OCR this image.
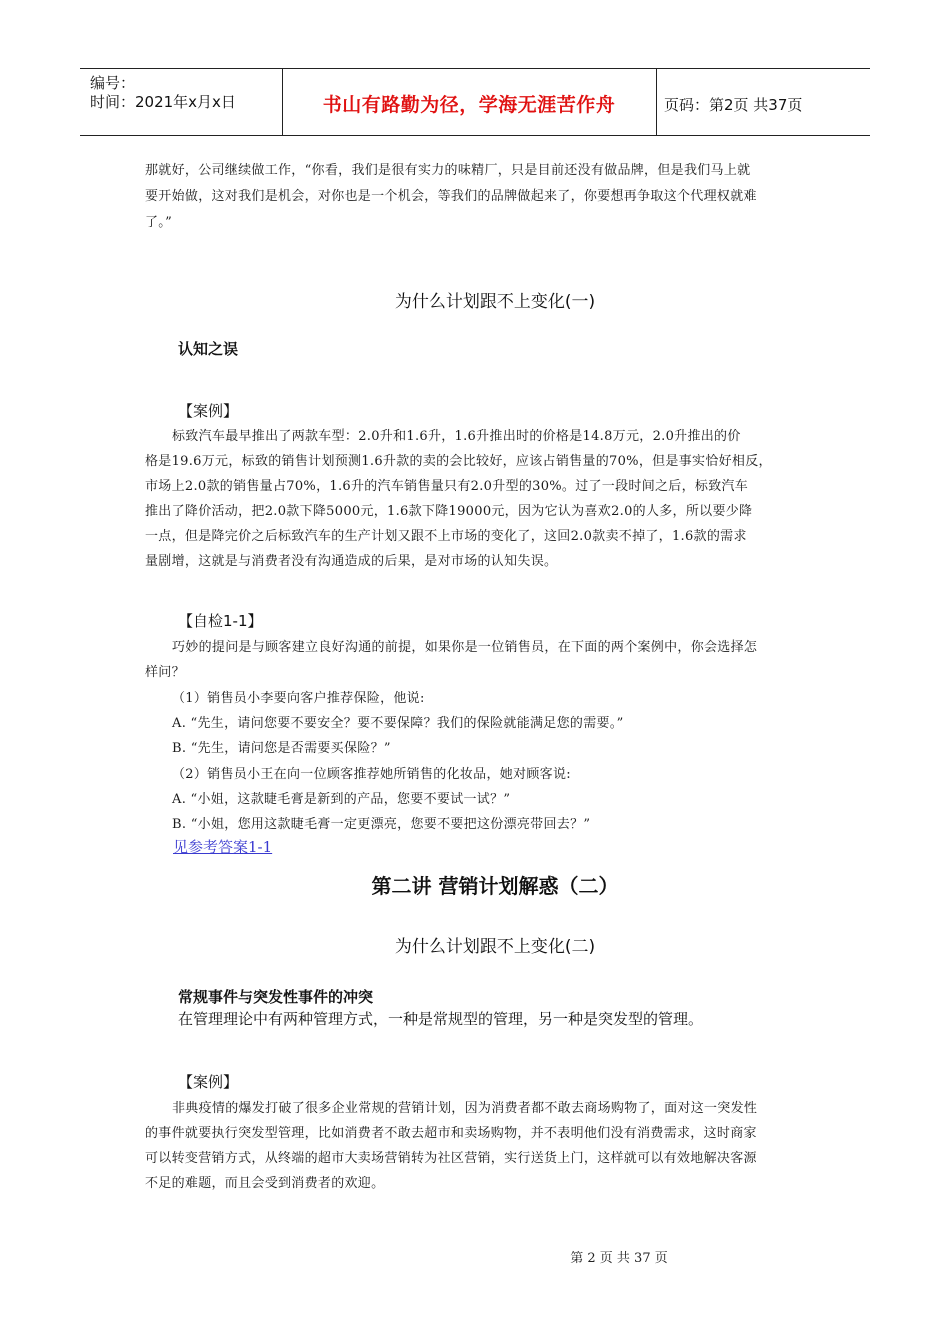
编号：
时间：2021年x月x日	书山有路勤为径，学海无涯苦作舟	页码：第2页 共37页
那就好，公司继续做工作，“你看，我们是很有实力的味精厂，只是目前还没有做品牌，但是我们马上就
要开始做，这对我们是机会，对你也是一个机会，等我们的品牌做起来了，你要想再争取这个代理权就难
了。”
为什么计划跟不上变化(一)
认知之误
【案例】
标致汽车最早推出了两款车型：2.0升和1.6升，1.6升推出时的价格是14.8万元，2.0升推出的价
格是19.6万元，标致的销售计划预测1.6升款的卖的会比较好，应该占销售量的70%，但是事实恰好相反，
市场上2.0款的销售量占70%，1.6升的汽车销售量只有2.0升型的30%。过了一段时间之后，标致汽车
推出了降价活动，把2.0款下降5000元，1.6款下降19000元，因为它认为喜欢2.0的人多，所以要少降
一点，但是降完价之后标致汽车的生产计划又跟不上市场的变化了，这回2.0款卖不掉了，1.6款的需求
量剧增，这就是与消费者没有沟通造成的后果，是对市场的认知失误。
【自检1-1】
巧妙的提问是与顾客建立良好沟通的前提，如果你是一位销售员，在下面的两个案例中，你会选择怎
样问？
（1）销售员小李要向客户推荐保险，他说:
A. “先生，请问您要不要安全？要不要保障？我们的保险就能满足您的需要。”
B. “先生，请问您是否需要买保险？”
（2）销售员小王在向一位顾客推荐她所销售的化妆品，她对顾客说:
A. “小姐，这款睫毛膏是新到的产品，您要不要试一试？”
B. “小姐，您用这款睫毛膏一定更漂亮，您要不要把这份漂亮带回去？”
见参考答案1-1
第二讲 营销计划解惑（二）
为什么计划跟不上变化(二)
常规事件与突发性事件的冲突
在管理理论中有两种管理方式，一种是常规型的管理，另一种是突发型的管理。
【案例】
非典疫情的爆发打破了很多企业常规的营销计划，因为消费者都不敢去商场购物了，面对这一突发性
的事件就要执行突发型管理，比如消费者不敢去超市和卖场购物，并不表明他们没有消费需求，这时商家
可以转变营销方式，从终端的超市大卖场营销转为社区营销，实行送货上门，这样就可以有效地解决客源
不足的难题，而且会受到消费者的欢迎。
第 2 页 共 37 页
